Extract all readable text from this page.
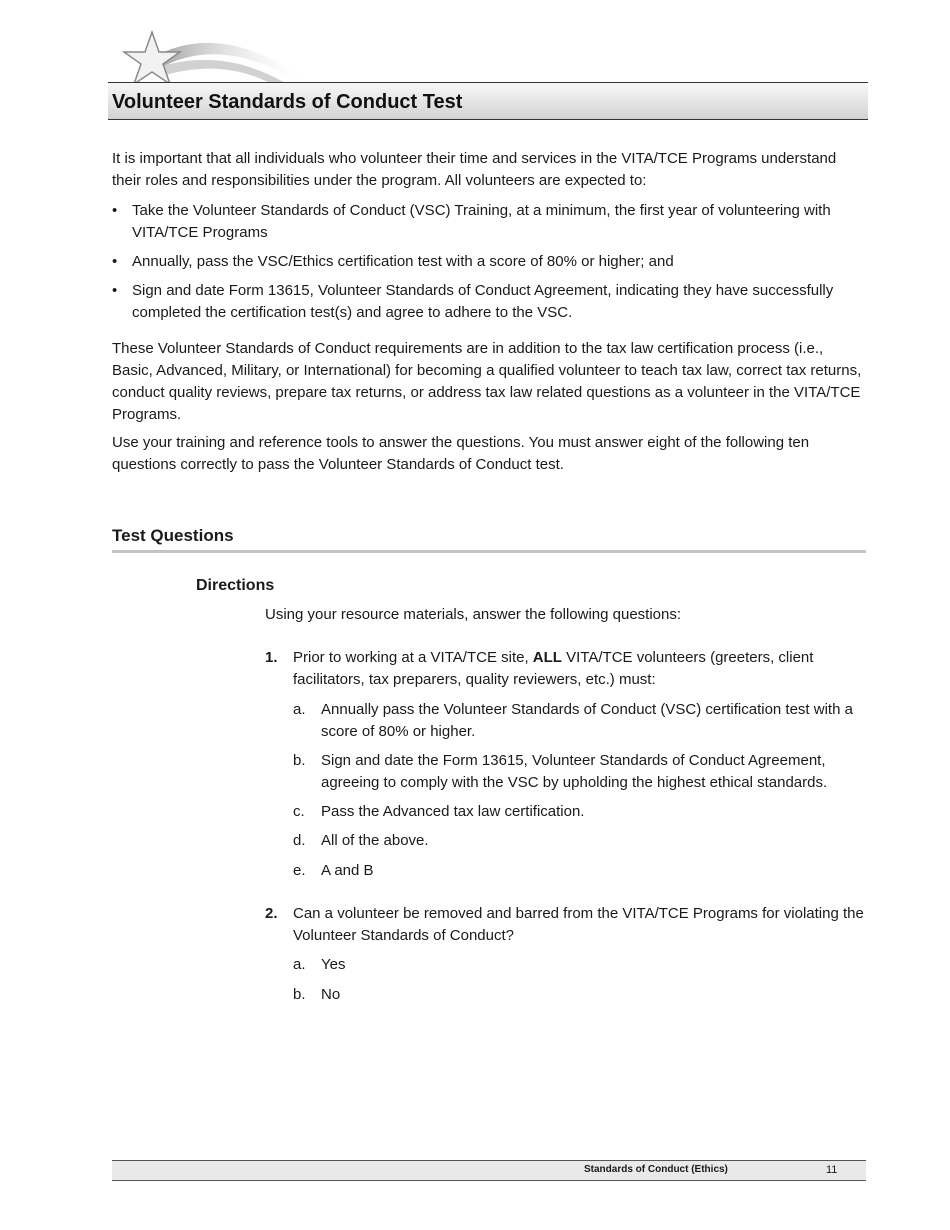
Volunteer Standards of Conduct Test

It is important that all individuals who volunteer their time and services in the VITA/TCE Programs understand their roles and responsibilities under the program. All volunteers are expected to:

• Take the Volunteer Standards of Conduct (VSC) Training, at a minimum, the first year of volunteering with VITA/TCE Programs
• Annually, pass the VSC/Ethics certification test with a score of 80% or higher; and
• Sign and date Form 13615, Volunteer Standards of Conduct Agreement, indicating they have successfully completed the certification test(s) and agree to adhere to the VSC.

These Volunteer Standards of Conduct requirements are in addition to the tax law certification process (i.e., Basic, Advanced, Military, or International) for becoming a qualified volunteer to teach tax law, correct tax returns, conduct quality reviews, prepare tax returns, or address tax law related questions as a volunteer in the VITA/TCE Programs.

Use your training and reference tools to answer the questions. You must answer eight of the following ten questions correctly to pass the Volunteer Standards of Conduct test.

Test Questions
Directions
Using your resource materials, answer the following questions:
1. Prior to working at a VITA/TCE site, ALL VITA/TCE volunteers (greeters, client facilitators, tax preparers, quality reviewers, etc.) must:
a. Annually pass the Volunteer Standards of Conduct (VSC) certification test with a score of 80% or higher.
b. Sign and date the Form 13615, Volunteer Standards of Conduct Agreement, agreeing to comply with the VSC by upholding the highest ethical standards.
c. Pass the Advanced tax law certification.
d. All of the above.
e. A and B
2. Can a volunteer be removed and barred from the VITA/TCE Programs for violating the Volunteer Standards of Conduct?
a. Yes
b. No
Standards of Conduct (Ethics)	11
